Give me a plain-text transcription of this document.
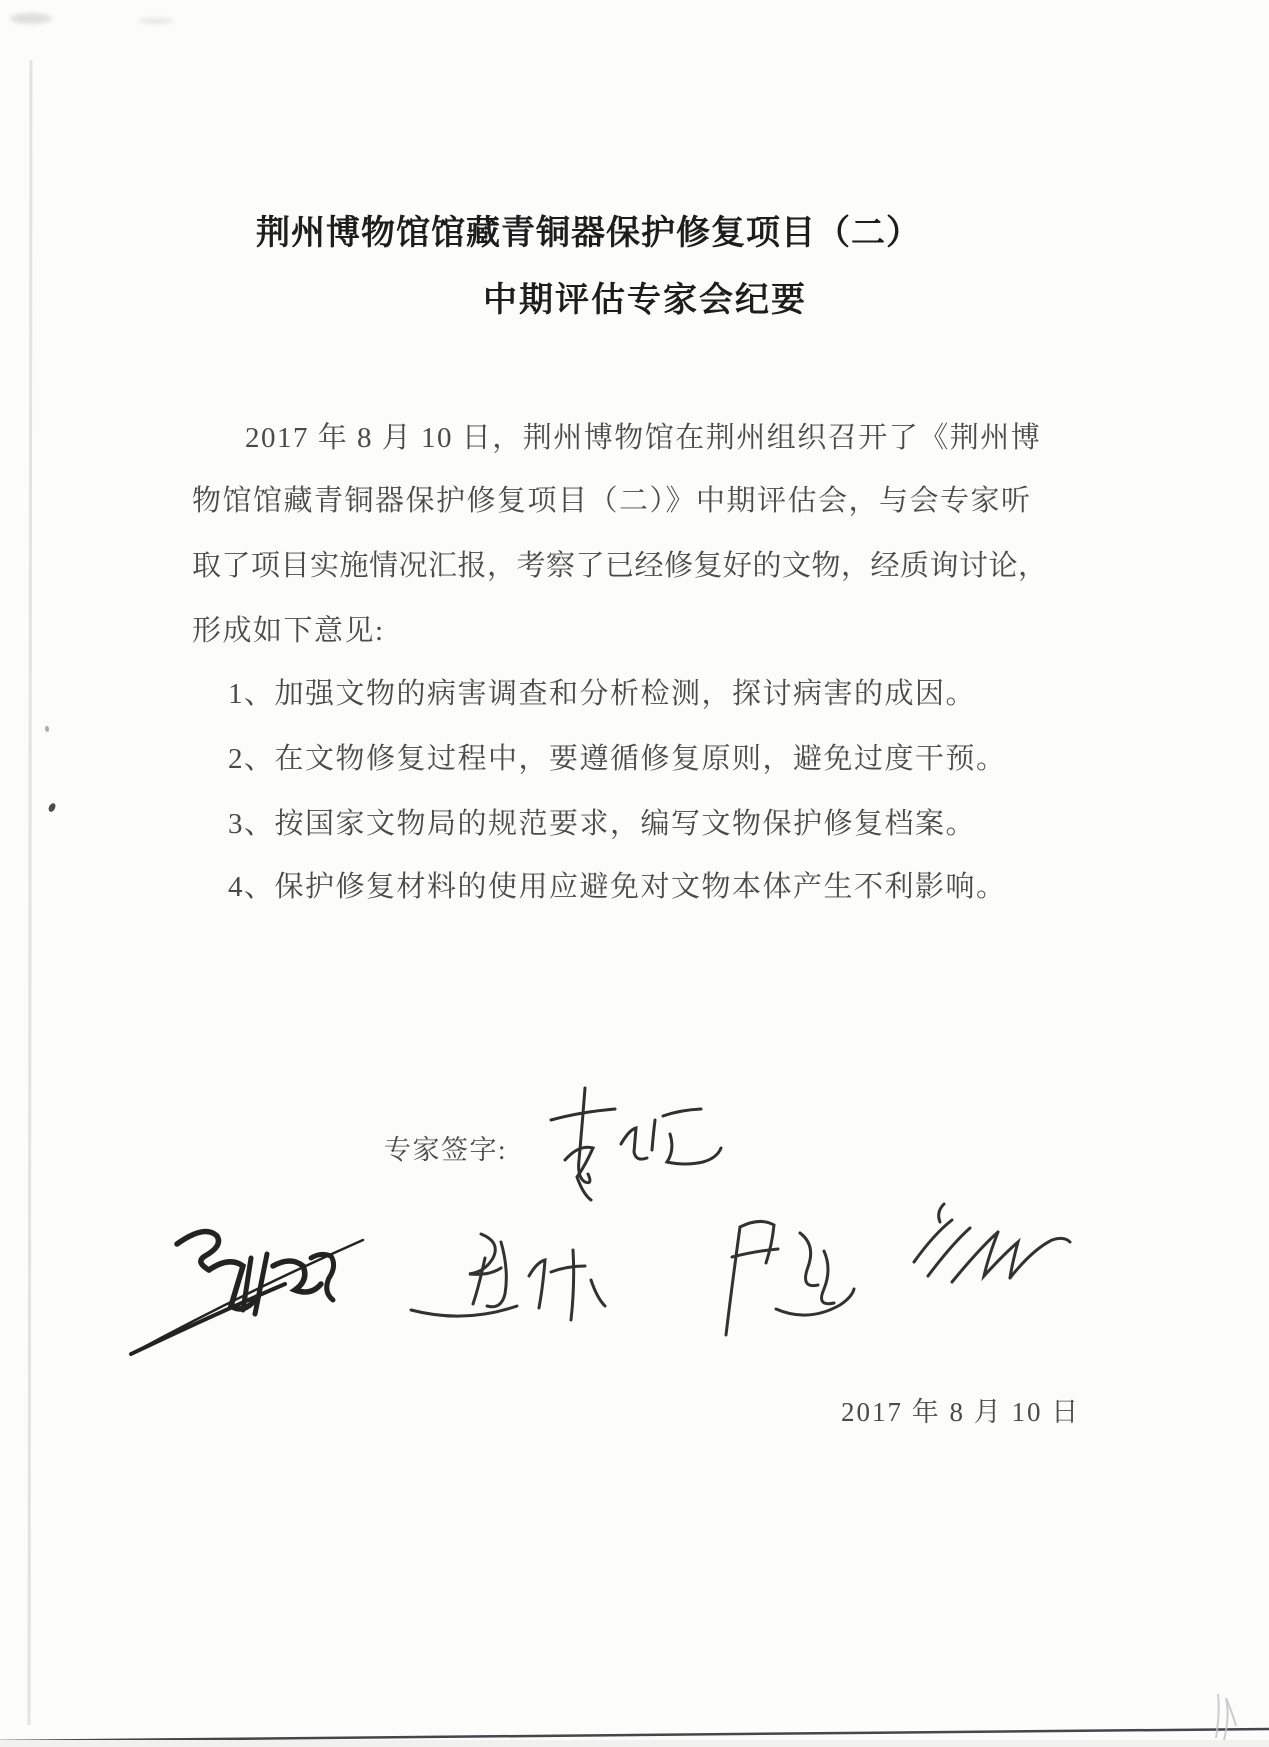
荆州博物馆馆藏青铜器保护修复项目（二）
中期评估专家会纪要
2017 年 8 月 10 日，荆州博物馆在荆州组织召开了《荆州博
物馆馆藏青铜器保护修复项目（二）》中期评估会，与会专家听
取了项目实施情况汇报，考察了已经修复好的文物，经质询讨论，
形成如下意见:
1、加强文物的病害调查和分析检测，探讨病害的成因。
2、在文物修复过程中，要遵循修复原则，避免过度干预。
3、按国家文物局的规范要求，编写文物保护修复档案。
4、保护修复材料的使用应避免对文物本体产生不利影响。
专家签字:
2017 年 8 月 10 日
